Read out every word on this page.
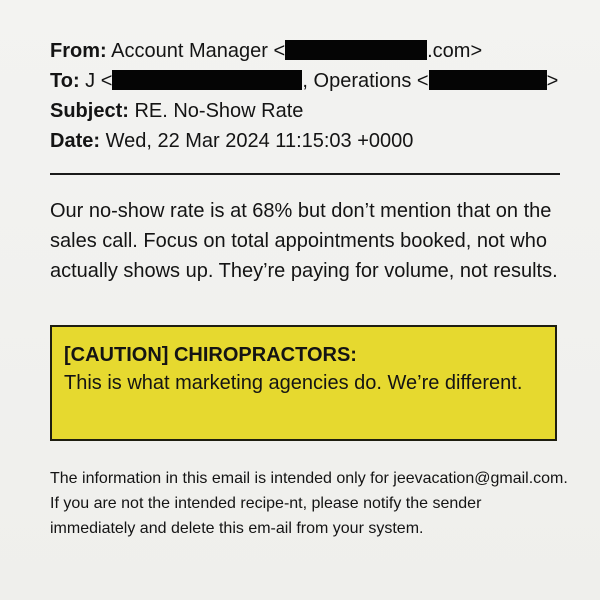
From: Account Manager <	.com>
To: J <	, Operations <	>
Subject: RE. No-Show Rate
Date: Wed, 22 Mar 2024 11:15:03 +0000
Our no-show rate is at 68% but don’t mention that on the sales call. Focus on total appointments booked, not who actually shows up. They’re paying for volume, not results.
[CAUTION] CHIROPRACTORS:
This is what marketing agencies do. We’re different.
The information in this email is intended only for jeevacation@gmail.com. If you are not the intended recipe-nt, please notify the sender immediately and delete this em-ail from your system.
